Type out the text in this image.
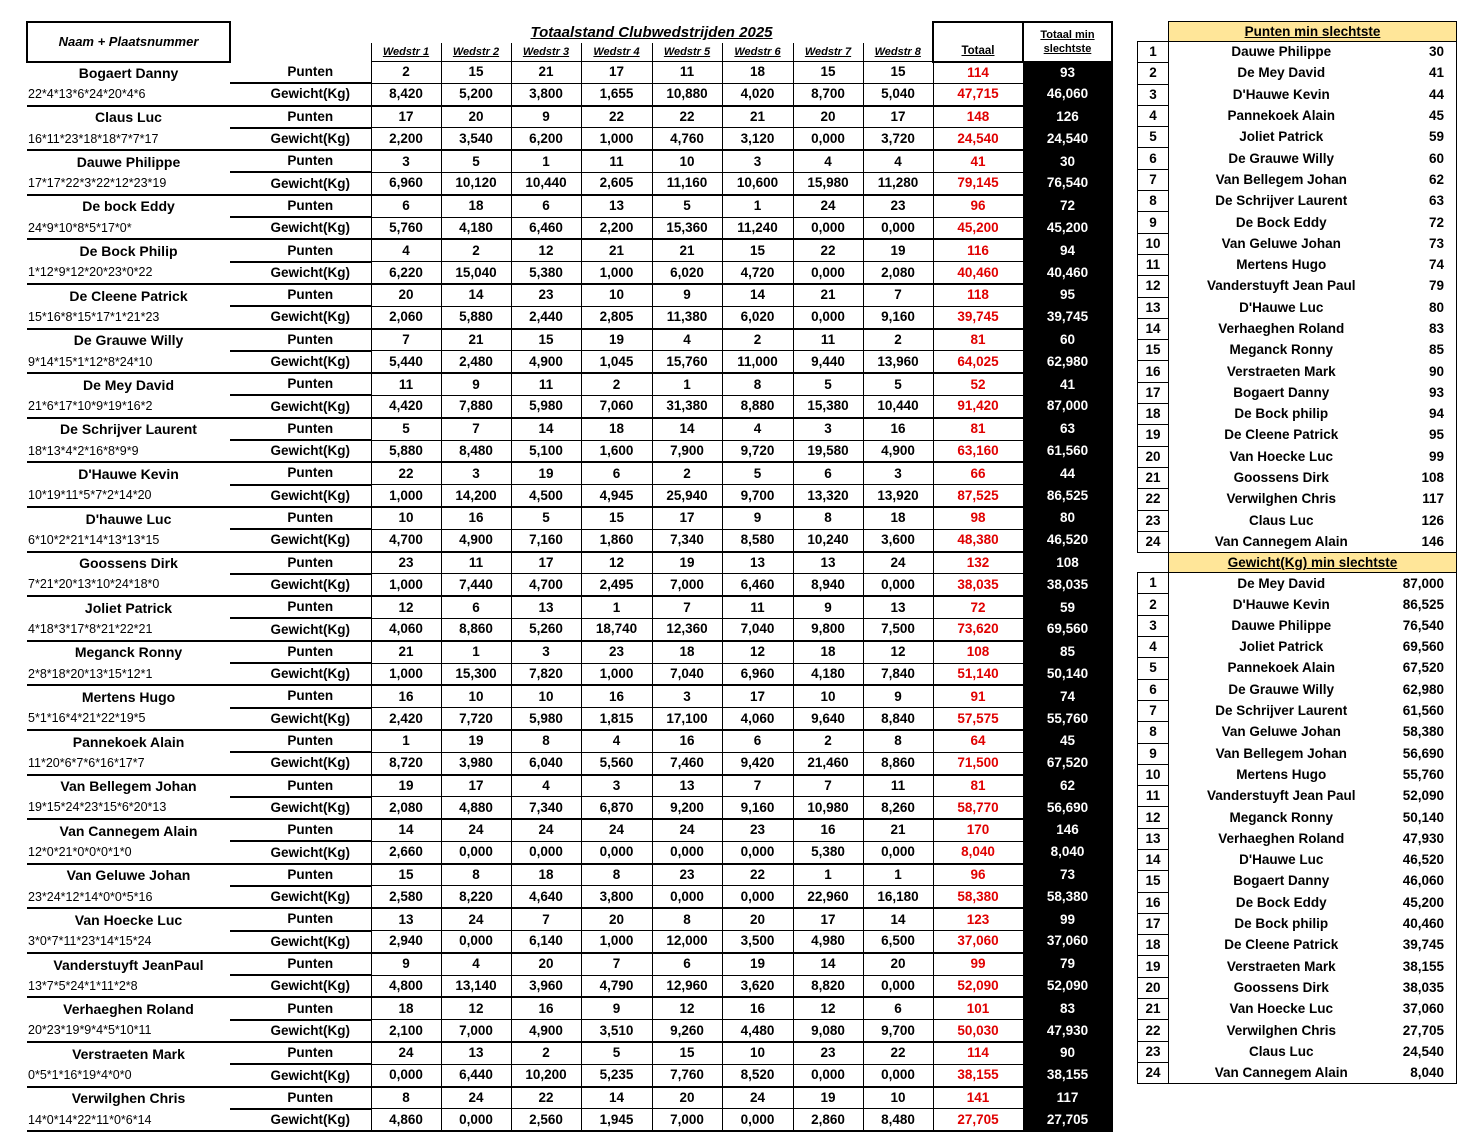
Naam + Plaatsnummer		Totaalstand Clubwedstrijden 2025								Totaal	Totaal min slechtste
		Wedstr 1	Wedstr 2	Wedstr 3	Wedstr 4	Wedstr 5	Wedstr 6	Wedstr 7	Wedstr 8		
Bogaert Danny	Punten	2	15	21	17	11	18	15	15	114	93
22*4*13*6*24*20*4*6	Gewicht(Kg)	8,420	5,200	3,800	1,655	10,880	4,020	8,700	5,040	47,715	46,060
Claus Luc	Punten	17	20	9	22	22	21	20	17	148	126
16*11*23*18*18*7*7*17	Gewicht(Kg)	2,200	3,540	6,200	1,000	4,760	3,120	0,000	3,720	24,540	24,540
Dauwe Philippe	Punten	3	5	1	11	10	3	4	4	41	30
17*17*22*3*22*12*23*19	Gewicht(Kg)	6,960	10,120	10,440	2,605	11,160	10,600	15,980	11,280	79,145	76,540
De bock Eddy	Punten	6	18	6	13	5	1	24	23	96	72
24*9*10*8*5*17*0*	Gewicht(Kg)	5,760	4,180	6,460	2,200	15,360	11,240	0,000	0,000	45,200	45,200
De Bock Philip	Punten	4	2	12	21	21	15	22	19	116	94
1*12*9*12*20*23*0*22	Gewicht(Kg)	6,220	15,040	5,380	1,000	6,020	4,720	0,000	2,080	40,460	40,460
De Cleene Patrick	Punten	20	14	23	10	9	14	21	7	118	95
15*16*8*15*17*1*21*23	Gewicht(Kg)	2,060	5,880	2,440	2,805	11,380	6,020	0,000	9,160	39,745	39,745
De Grauwe Willy	Punten	7	21	15	19	4	2	11	2	81	60
9*14*15*1*12*8*24*10	Gewicht(Kg)	5,440	2,480	4,900	1,045	15,760	11,000	9,440	13,960	64,025	62,980
De Mey David	Punten	11	9	11	2	1	8	5	5	52	41
21*6*17*10*9*19*16*2	Gewicht(Kg)	4,420	7,880	5,980	7,060	31,380	8,880	15,380	10,440	91,420	87,000
De Schrijver Laurent	Punten	5	7	14	18	14	4	3	16	81	63
18*13*4*2*16*8*9*9	Gewicht(Kg)	5,880	8,480	5,100	1,600	7,900	9,720	19,580	4,900	63,160	61,560
D'Hauwe Kevin	Punten	22	3	19	6	2	5	6	3	66	44
10*19*11*5*7*2*14*20	Gewicht(Kg)	1,000	14,200	4,500	4,945	25,940	9,700	13,320	13,920	87,525	86,525
D'hauwe Luc	Punten	10	16	5	15	17	9	8	18	98	80
6*10*2*21*14*13*13*15	Gewicht(Kg)	4,700	4,900	7,160	1,860	7,340	8,580	10,240	3,600	48,380	46,520
Goossens Dirk	Punten	23	11	17	12	19	13	13	24	132	108
7*21*20*13*10*24*18*0	Gewicht(Kg)	1,000	7,440	4,700	2,495	7,000	6,460	8,940	0,000	38,035	38,035
Joliet Patrick	Punten	12	6	13	1	7	11	9	13	72	59
4*18*3*17*8*21*22*21	Gewicht(Kg)	4,060	8,860	5,260	18,740	12,360	7,040	9,800	7,500	73,620	69,560
Meganck Ronny	Punten	21	1	3	23	18	12	18	12	108	85
2*8*18*20*13*15*12*1	Gewicht(Kg)	1,000	15,300	7,820	1,000	7,040	6,960	4,180	7,840	51,140	50,140
Mertens Hugo	Punten	16	10	10	16	3	17	10	9	91	74
5*1*16*4*21*22*19*5	Gewicht(Kg)	2,420	7,720	5,980	1,815	17,100	4,060	9,640	8,840	57,575	55,760
Pannekoek Alain	Punten	1	19	8	4	16	6	2	8	64	45
11*20*6*7*6*16*17*7	Gewicht(Kg)	8,720	3,980	6,040	5,560	7,460	9,420	21,460	8,860	71,500	67,520
Van Bellegem Johan	Punten	19	17	4	3	13	7	7	11	81	62
19*15*24*23*15*6*20*13	Gewicht(Kg)	2,080	4,880	7,340	6,870	9,200	9,160	10,980	8,260	58,770	56,690
Van Cannegem Alain	Punten	14	24	24	24	24	23	16	21	170	146
12*0*21*0*0*0*1*0	Gewicht(Kg)	2,660	0,000	0,000	0,000	0,000	0,000	5,380	0,000	8,040	8,040
Van Geluwe Johan	Punten	15	8	18	8	23	22	1	1	96	73
23*24*12*14*0*0*5*16	Gewicht(Kg)	2,580	8,220	4,640	3,800	0,000	0,000	22,960	16,180	58,380	58,380
Van Hoecke Luc	Punten	13	24	7	20	8	20	17	14	123	99
3*0*7*11*23*14*15*24	Gewicht(Kg)	2,940	0,000	6,140	1,000	12,000	3,500	4,980	6,500	37,060	37,060
Vanderstuyft JeanPaul	Punten	9	4	20	7	6	19	14	20	99	79
13*7*5*24*1*11*2*8	Gewicht(Kg)	4,800	13,140	3,960	4,790	12,960	3,620	8,820	0,000	52,090	52,090
Verhaeghen Roland	Punten	18	12	16	9	12	16	12	6	101	83
20*23*19*9*4*5*10*11	Gewicht(Kg)	2,100	7,000	4,900	3,510	9,260	4,480	9,080	9,700	50,030	47,930
Verstraeten Mark	Punten	24	13	2	5	15	10	23	22	114	90
0*5*1*16*19*4*0*0	Gewicht(Kg)	0,000	6,440	10,200	5,235	7,760	8,520	0,000	0,000	38,155	38,155
Verwilghen Chris	Punten	8	24	22	14	20	24	19	10	141	117
14*0*14*22*11*0*6*14	Gewicht(Kg)	4,860	0,000	2,560	1,945	7,000	0,000	2,860	8,480	27,705	27,705
	Punten min slechtste	
1	Dauwe Philippe	30
2	De Mey David	41
3	D'Hauwe Kevin	44
4	Pannekoek Alain	45
5	Joliet Patrick	59
6	De Grauwe Willy	60
7	Van Bellegem Johan	62
8	De Schrijver Laurent	63
9	De Bock Eddy	72
10	Van Geluwe Johan	73
11	Mertens Hugo	74
12	Vanderstuyft Jean Paul	79
13	D'Hauwe Luc	80
14	Verhaeghen Roland	83
15	Meganck Ronny	85
16	Verstraeten Mark	90
17	Bogaert Danny	93
18	De Bock philip	94
19	De Cleene Patrick	95
20	Van Hoecke Luc	99
21	Goossens Dirk	108
22	Verwilghen Chris	117
23	Claus Luc	126
24	Van Cannegem Alain	146
	Gewicht(Kg) min slechtste	
1	De Mey David	87,000
2	D'Hauwe Kevin	86,525
3	Dauwe Philippe	76,540
4	Joliet Patrick	69,560
5	Pannekoek Alain	67,520
6	De Grauwe Willy	62,980
7	De Schrijver Laurent	61,560
8	Van Geluwe Johan	58,380
9	Van Bellegem Johan	56,690
10	Mertens Hugo	55,760
11	Vanderstuyft Jean Paul	52,090
12	Meganck Ronny	50,140
13	Verhaeghen Roland	47,930
14	D'Hauwe Luc	46,520
15	Bogaert Danny	46,060
16	De Bock Eddy	45,200
17	De Bock philip	40,460
18	De Cleene Patrick	39,745
19	Verstraeten Mark	38,155
20	Goossens Dirk	38,035
21	Van Hoecke Luc	37,060
22	Verwilghen Chris	27,705
23	Claus Luc	24,540
24	Van Cannegem Alain	8,040
